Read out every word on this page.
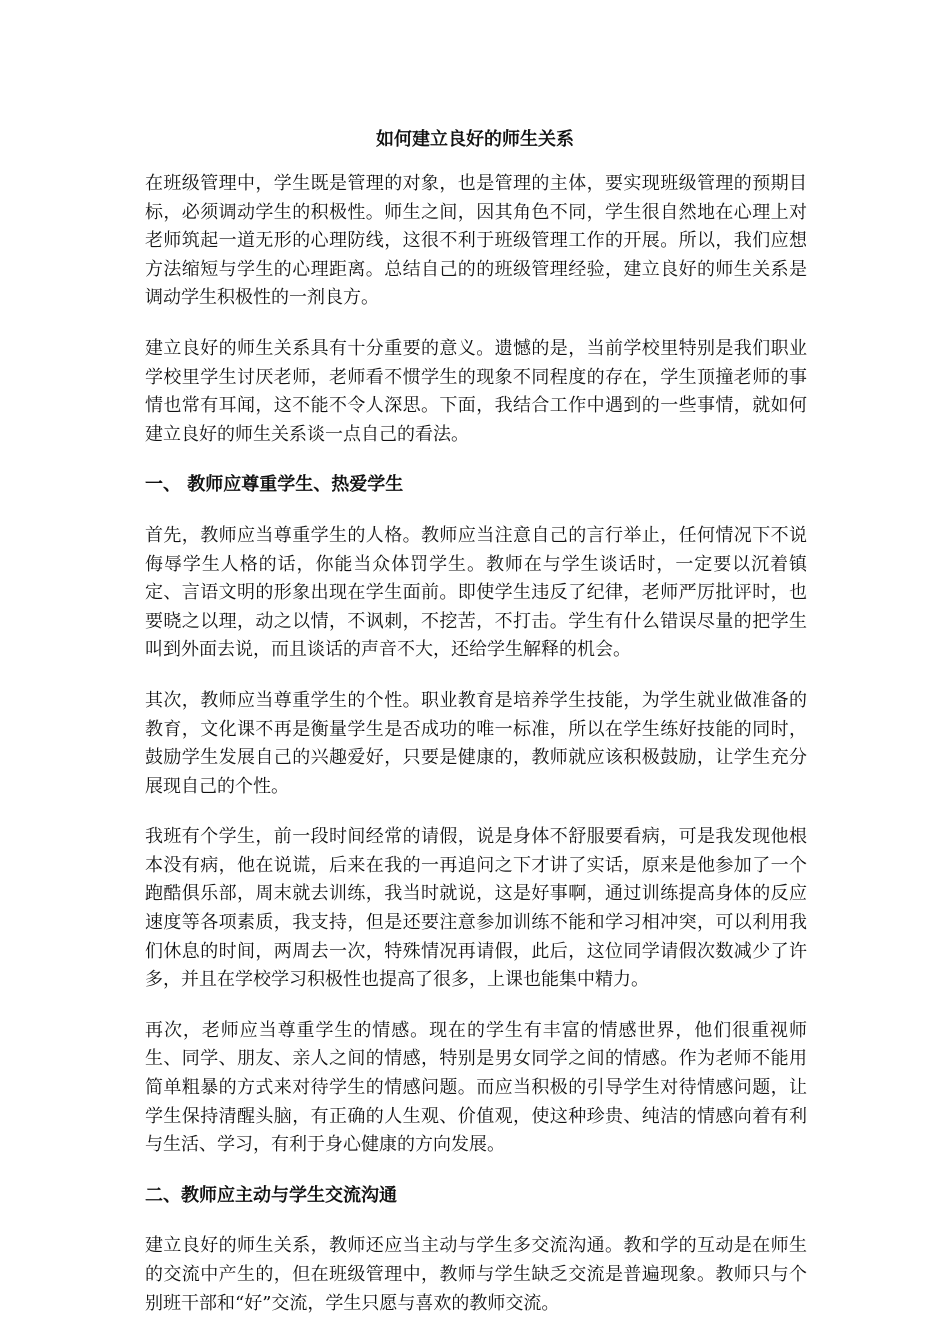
如何建立良好的师生关系

在班级管理中，学生既是管理的对象，也是管理的主体，要实现班级管理的预期目标，必须调动学生的积极性。师生之间，因其角色不同，学生很自然地在心理上对老师筑起一道无形的心理防线，这很不利于班级管理工作的开展。所以，我们应想方法缩短与学生的心理距离。总结自己的的班级管理经验，建立良好的师生关系是调动学生积极性的一剂良方。

建立良好的师生关系具有十分重要的意义。遗憾的是，当前学校里特别是我们职业学校里学生讨厌老师，老师看不惯学生的现象不同程度的存在，学生顶撞老师的事情也常有耳闻，这不能不令人深思。下面，我结合工作中遇到的一些事情，就如何建立良好的师生关系谈一点自己的看法。

一、 教师应尊重学生、热爱学生

首先，教师应当尊重学生的人格。教师应当注意自己的言行举止，任何情况下不说侮辱学生人格的话，你能当众体罚学生。教师在与学生谈话时，一定要以沉着镇定、言语文明的形象出现在学生面前。即使学生违反了纪律，老师严厉批评时，也要晓之以理，动之以情，不讽刺，不挖苦，不打击。学生有什么错误尽量的把学生叫到外面去说，而且谈话的声音不大，还给学生解释的机会。

其次，教师应当尊重学生的个性。职业教育是培养学生技能，为学生就业做准备的教育，文化课不再是衡量学生是否成功的唯一标准，所以在学生练好技能的同时，鼓励学生发展自己的兴趣爱好，只要是健康的，教师就应该积极鼓励，让学生充分展现自己的个性。

我班有个学生，前一段时间经常的请假，说是身体不舒服要看病，可是我发现他根本没有病，他在说谎，后来在我的一再追问之下才讲了实话，原来是他参加了一个跑酷俱乐部，周末就去训练，我当时就说，这是好事啊，通过训练提高身体的反应速度等各项素质，我支持，但是还要注意参加训练不能和学习相冲突，可以利用我们休息的时间，两周去一次，特殊情况再请假，此后，这位同学请假次数减少了许多，并且在学校学习积极性也提高了很多，上课也能集中精力。

再次，老师应当尊重学生的情感。现在的学生有丰富的情感世界，他们很重视师生、同学、朋友、亲人之间的情感，特别是男女同学之间的情感。作为老师不能用简单粗暴的方式来对待学生的情感问题。而应当积极的引导学生对待情感问题，让学生保持清醒头脑，有正确的人生观、价值观，使这种珍贵、纯洁的情感向着有利与生活、学习，有利于身心健康的方向发展。

二、教师应主动与学生交流沟通

建立良好的师生关系，教师还应当主动与学生多交流沟通。教和学的互动是在师生的交流中产生的，但在班级管理中，教师与学生缺乏交流是普遍现象。教师只与个别班干部和“好”交流，学生只愿与喜欢的教师交流。
